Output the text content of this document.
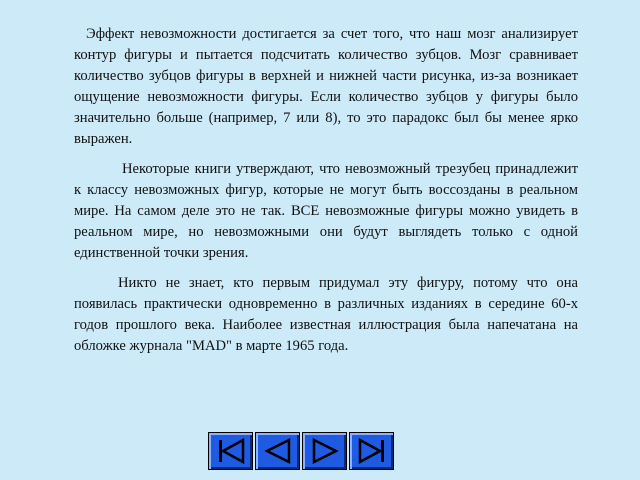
Эффект невозможности достигается за счет того, что наш мозг анализирует контур фигуры и пытается подсчитать количество зубцов. Мозг сравнивает количество зубцов фигуры в верхней и нижней части рисунка, из-за возникает ощущение невозможности фигуры. Если количество зубцов у фигуры было значительно больше (например, 7 или 8), то это парадокс был бы менее ярко выражен.

Некоторые книги утверждают, что невозможный трезубец принадлежит к классу невозможных фигур, которые не могут быть воссозданы в реальном мире. На самом деле это не так. ВСЕ невозможные фигуры можно увидеть в реальном мире, но невозможными они будут выглядеть только с одной единственной точки зрения.

Никто не знает, кто первым придумал эту фигуру, потому что она появилась практически одновременно в различных изданиях в середине 60-х годов прошлого века. Наиболее известная иллюстрация была напечатана на обложке журнала "MAD" в марте 1965 года.
